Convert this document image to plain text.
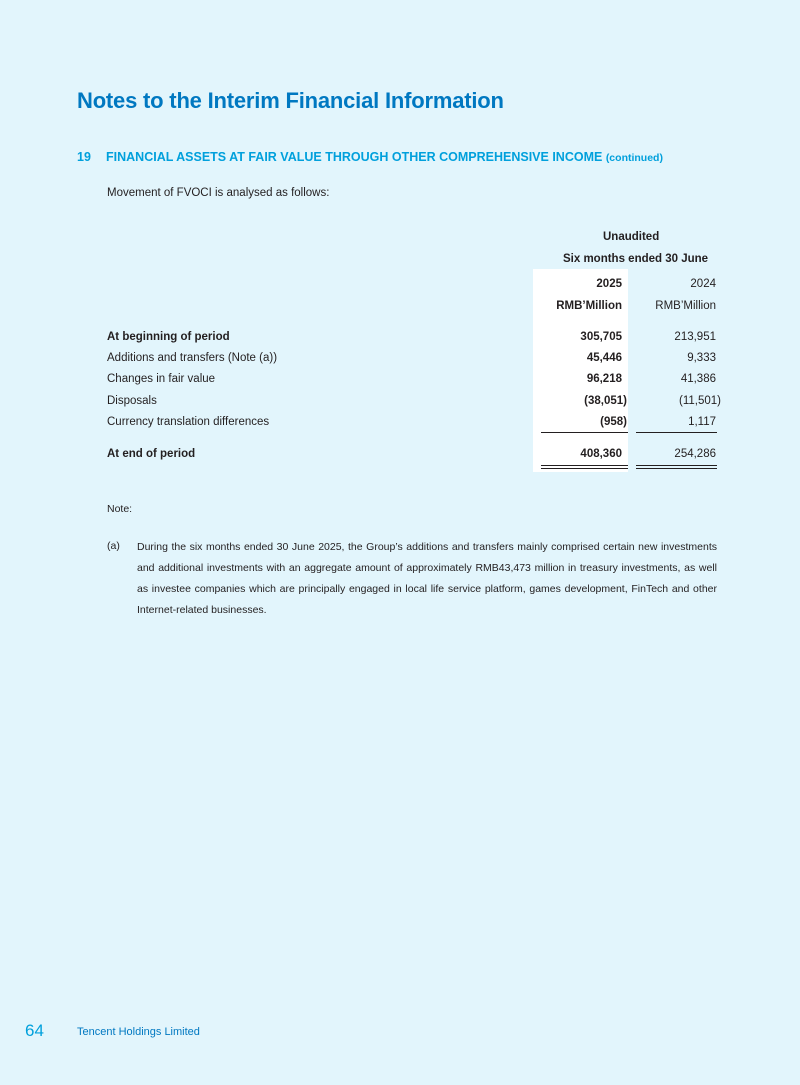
Notes to the Interim Financial Information
19 FINANCIAL ASSETS AT FAIR VALUE THROUGH OTHER COMPREHENSIVE INCOME (continued)
Movement of FVOCI is analysed as follows:
Unaudited
Six months ended 30 June
2025	2024
RMB’Million	RMB’Million
At beginning of period	305,705	213,951
Additions and transfers (Note (a))	45,446	9,333
Changes in fair value	96,218	41,386
Disposals	(38,051)	(11,501)
Currency translation differences	(958)	1,117
At end of period	408,360	254,286
Note:
(a) During the six months ended 30 June 2025, the Group’s additions and transfers mainly comprised certain new investments and additional investments with an aggregate amount of approximately RMB43,473 million in treasury investments, as well as investee companies which are principally engaged in local life service platform, games development, FinTech and other Internet-related businesses.
64	Tencent Holdings Limited
